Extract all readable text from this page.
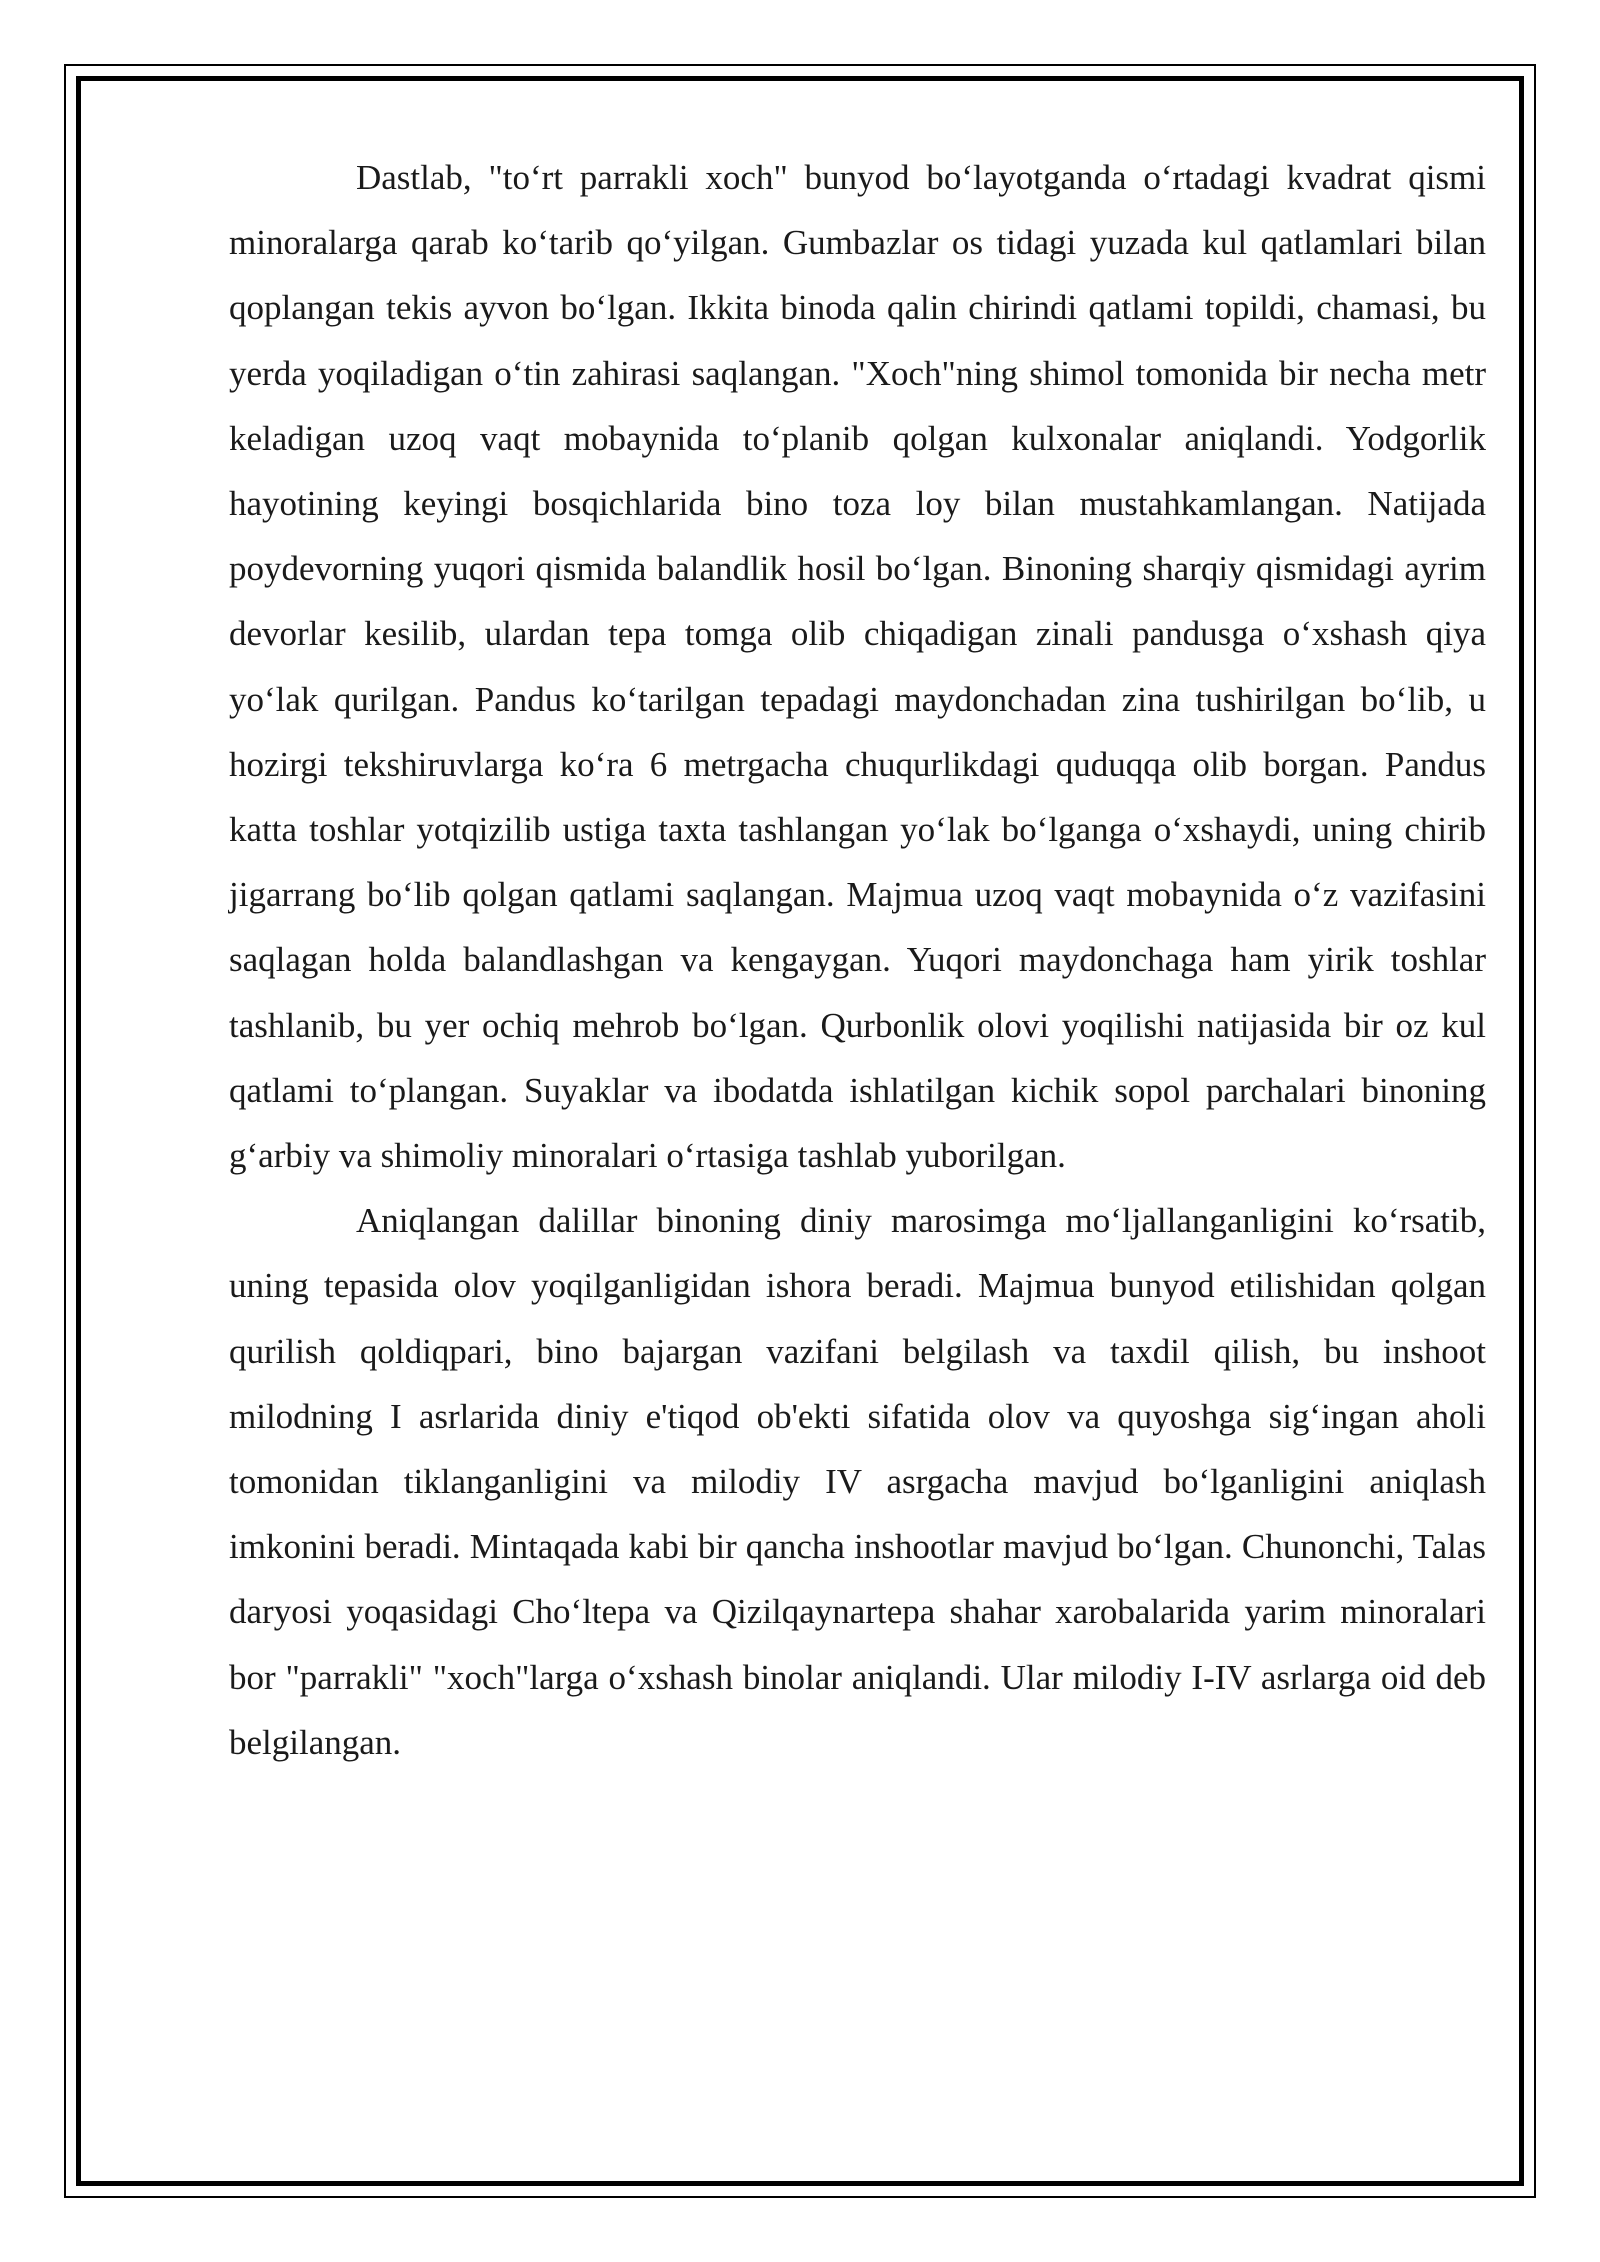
Dastlab, "to‘rt parrakli xoch" bunyod bo‘layotganda o‘rtadagi kvadrat qismi minoralarga qarab ko‘tarib qo‘yilgan. Gumbazlar os tidagi yuzada kul qatlamlari bilan qoplangan tekis ayvon bo‘lgan. Ikkita binoda qalin chirindi qatlami topildi, chamasi, bu yerda yoqiladigan o‘tin zahirasi saqlangan. "Xoch"ning shimol tomonida bir necha metr keladigan uzoq vaqt mobaynida to‘planib qolgan kulxonalar aniqlandi. Yodgorlik hayotining keyingi bosqichlarida bino toza loy bilan mustahkamlangan. Natijada poydevorning yuqori qismida balandlik hosil bo‘lgan. Binoning sharqiy qismidagi ayrim devorlar kesilib, ulardan tepa tomga olib chiqadigan zinali pandusga o‘xshash qiya yo‘lak qurilgan. Pandus ko‘tarilgan tepadagi maydonchadan zina tushirilgan bo‘lib, u hozirgi tekshiruvlarga ko‘ra 6 metrgacha chuqurlikdagi quduqqa olib borgan. Pandus katta toshlar yotqizilib ustiga taxta tashlangan yo‘lak bo‘lganga o‘xshaydi, uning chirib jigarrang bo‘lib qolgan qatlami saqlangan. Majmua uzoq vaqt mobaynida o‘z vazifasini saqlagan holda balandlashgan va kengaygan. Yuqori maydonchaga ham yirik toshlar tashlanib, bu yer ochiq mehrob bo‘lgan. Qurbonlik olovi yoqilishi natijasida bir oz kul qatlami to‘plangan. Suyaklar va ibodatda ishlatilgan kichik sopol parchalari binoning g‘arbiy va shimoliy minoralari o‘rtasiga tashlab yuborilgan.

Aniqlangan dalillar binoning diniy marosimga mo‘ljallanganligini ko‘rsatib, uning tepasida olov yoqilganligidan ishora beradi. Majmua bunyod etilishidan qolgan qurilish qoldiqpari, bino bajargan vazifani belgilash va taxdil qilish, bu inshoot milodning I asrlarida diniy e'tiqod ob'ekti sifatida olov va quyoshga sig‘ingan aholi tomonidan tiklanganligini va milodiy IV asrgacha mavjud bo‘lganligini aniqlash imkonini beradi. Mintaqada kabi bir qancha inshootlar mavjud bo‘lgan. Chunonchi, Talas daryosi yoqasidagi Cho‘ltepa va Qizilqaynartepa shahar xarobalarida yarim minoralari bor "parrakli" "xoch"larga o‘xshash binolar aniqlandi. Ular milodiy I-IV asrlarga oid deb belgilangan.
